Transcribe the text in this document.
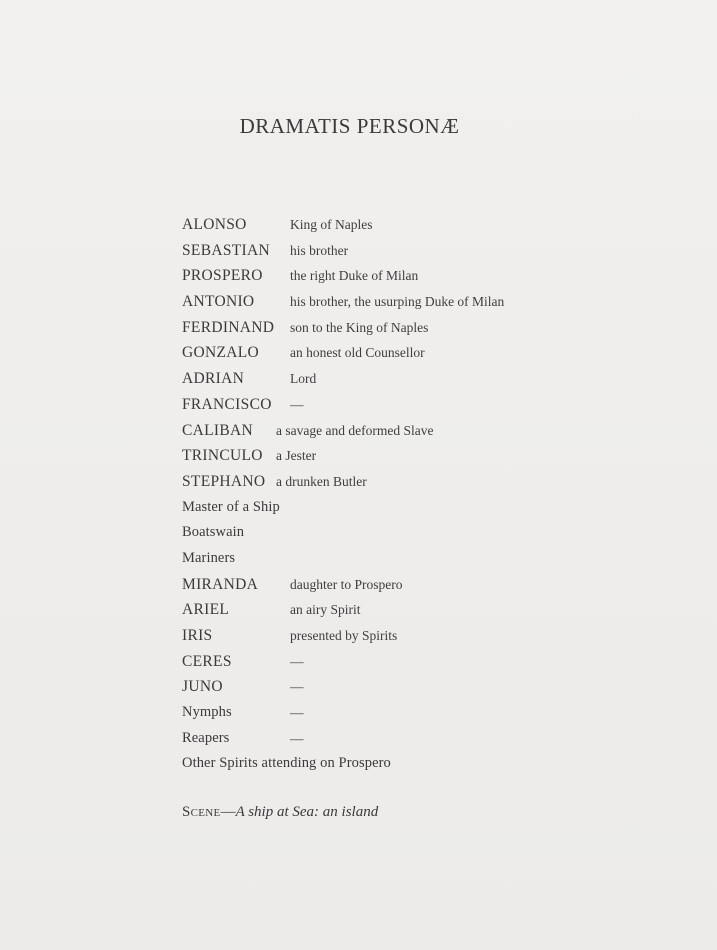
DRAMATIS PERSONÆ
ALONSO	King of Naples
SEBASTIAN his brother
PROSPERO the right Duke of Milan
ANTONIO	his brother, the usurping Duke of Milan
FERDINAND son to the King of Naples
GONZALO an honest old Counsellor
ADRIAN	Lord
FRANCISCO —
CALIBAN a savage and deformed Slave
TRINCULO a Jester
STEPHANO a drunken Butler
Master of a Ship
Boatswain
Mariners
MIRANDA daughter to Prospero
ARIEL	an airy Spirit
IRIS	presented by Spirits
CERES	—
JUNO	—
Nymphs	—
Reapers	—
Other Spirits attending on Prospero
Scene—A ship at Sea: an island
